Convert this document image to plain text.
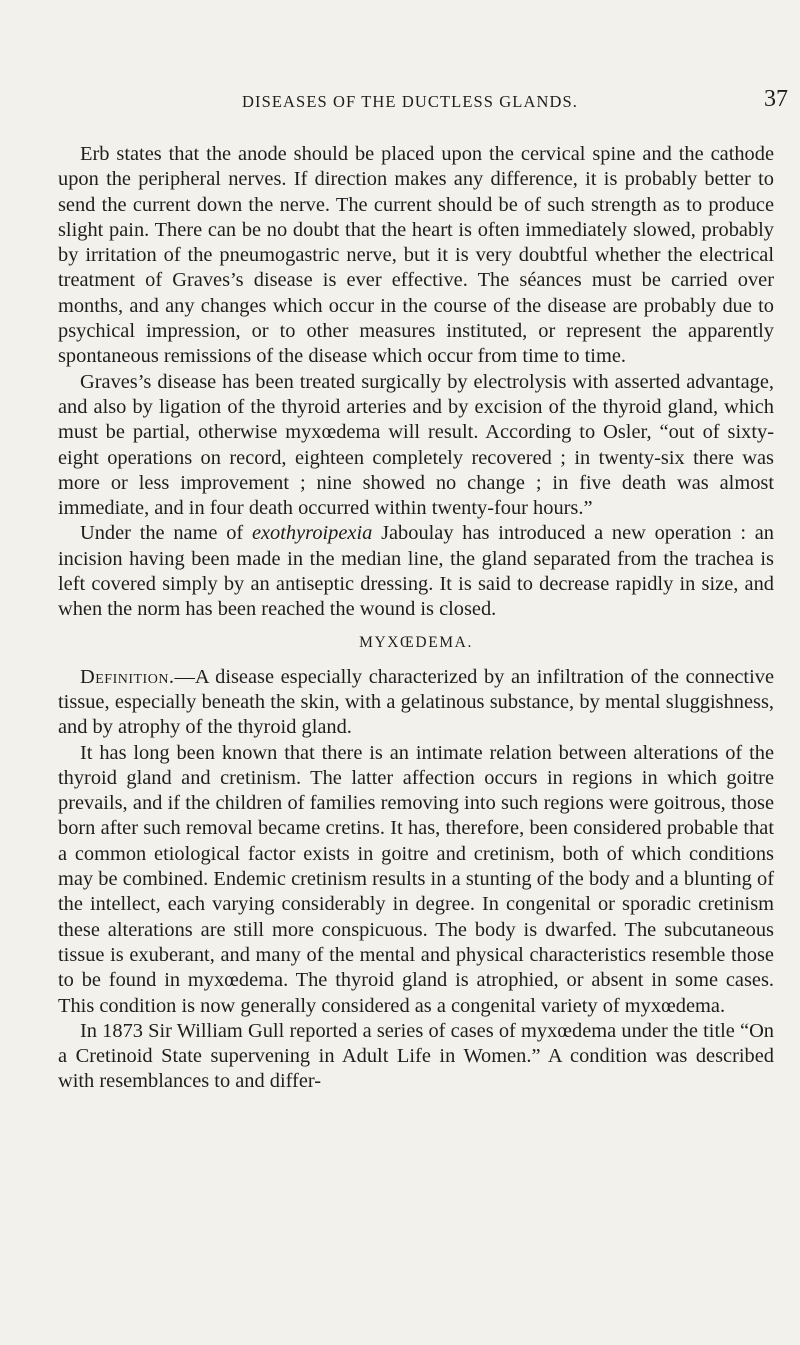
DISEASES OF THE DUCTLESS GLANDS.	37

Erb states that the anode should be placed upon the cervical spine and the cathode upon the peripheral nerves. If direction makes any difference, it is probably better to send the current down the nerve. The current should be of such strength as to produce slight pain. There can be no doubt that the heart is often immediately slowed, probably by irritation of the pneumogastric nerve, but it is very doubtful whether the electrical treatment of Graves’s disease is ever effective. The séances must be carried over months, and any changes which occur in the course of the disease are probably due to psychical impression, or to other measures instituted, or represent the apparently spontaneous remissions of the disease which occur from time to time.

Graves’s disease has been treated surgically by electrolysis with asserted advantage, and also by ligation of the thyroid arteries and by excision of the thyroid gland, which must be partial, otherwise myxœdema will result. According to Osler, “out of sixty-eight operations on record, eighteen completely recovered ; in twenty-six there was more or less improvement ; nine showed no change ; in five death was almost immediate, and in four death occurred within twenty-four hours.”

Under the name of exothyroipexia Jaboulay has introduced a new operation : an incision having been made in the median line, the gland separated from the trachea is left covered simply by an antiseptic dressing. It is said to decrease rapidly in size, and when the norm has been reached the wound is closed.

MYXŒDEMA.

Definition.—A disease especially characterized by an infiltration of the connective tissue, especially beneath the skin, with a gelatinous substance, by mental sluggishness, and by atrophy of the thyroid gland.

It has long been known that there is an intimate relation between alterations of the thyroid gland and cretinism. The latter affection occurs in regions in which goitre prevails, and if the children of families removing into such regions were goitrous, those born after such removal became cretins. It has, therefore, been considered probable that a common etiological factor exists in goitre and cretinism, both of which conditions may be combined. Endemic cretinism results in a stunting of the body and a blunting of the intellect, each varying considerably in degree. In congenital or sporadic cretinism these alterations are still more conspicuous. The body is dwarfed. The subcutaneous tissue is exuberant, and many of the mental and physical characteristics resemble those to be found in myxœdema. The thyroid gland is atrophied, or absent in some cases. This condition is now generally considered as a congenital variety of myxœdema.

In 1873 Sir William Gull reported a series of cases of myxœdema under the title “On a Cretinoid State supervening in Adult Life in Women.” A condition was described with resemblances to and differ-
